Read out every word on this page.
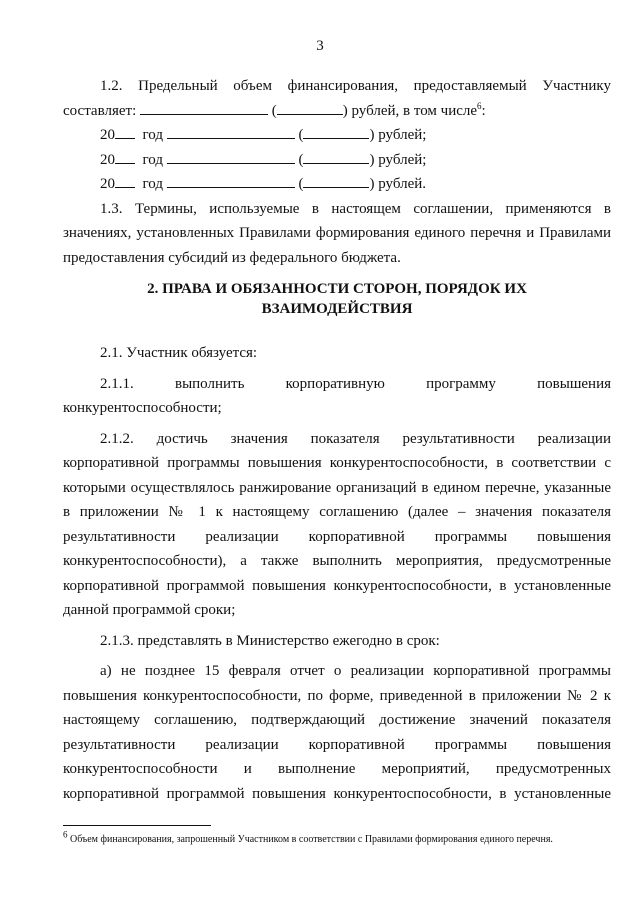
3

1.2. Предельный объем финансирования, предоставляемый Участнику

составляет:	(	) рублей, в том числе$^6$:

20 год	(	) рублей;

20 год	(	) рублей;

20 год	(	) рублей.

1.3. Термины, используемые в настоящем соглашении, применяются в

значениях, установленных Правилами формирования единого перечня и Правилами

предоставления субсидий из федерального бюджета.

2. ПРАВА И ОБЯЗАННОСТИ СТОРОН, ПОРЯДОК ИХ
ВЗАИМОДЕЙСТВИЯ

2.1. Участник обязуется:

2.1.1. выполнить корпоративную программу повышения

конкурентоспособности;

2.1.2. достичь значения показателя результативности реализации

корпоративной программы повышения конкурентоспособности, в соответствии с

которыми осуществлялось ранжирование организаций в едином перечне, указанные

в приложении № 1 к настоящему соглашению (далее – значения показателя

результативности реализации корпоративной программы повышения

конкурентоспособности), а также выполнить мероприятия, предусмотренные

корпоративной программой повышения конкурентоспособности, в установленные

данной программой сроки;

2.1.3. представлять в Министерство ежегодно в срок:

а) не позднее 15 февраля отчет о реализации корпоративной программы

повышения конкурентоспособности, по форме, приведенной в приложении № 2 к

настоящему соглашению, подтверждающий достижение значений показателя

результативности реализации корпоративной программы повышения

конкурентоспособности и выполнение мероприятий, предусмотренных

корпоративной программой повышения конкурентоспособности, в установленные

$^6$ Объем финансирования, запрошенный Участником в соответствии с Правилами формирования единого перечня.
